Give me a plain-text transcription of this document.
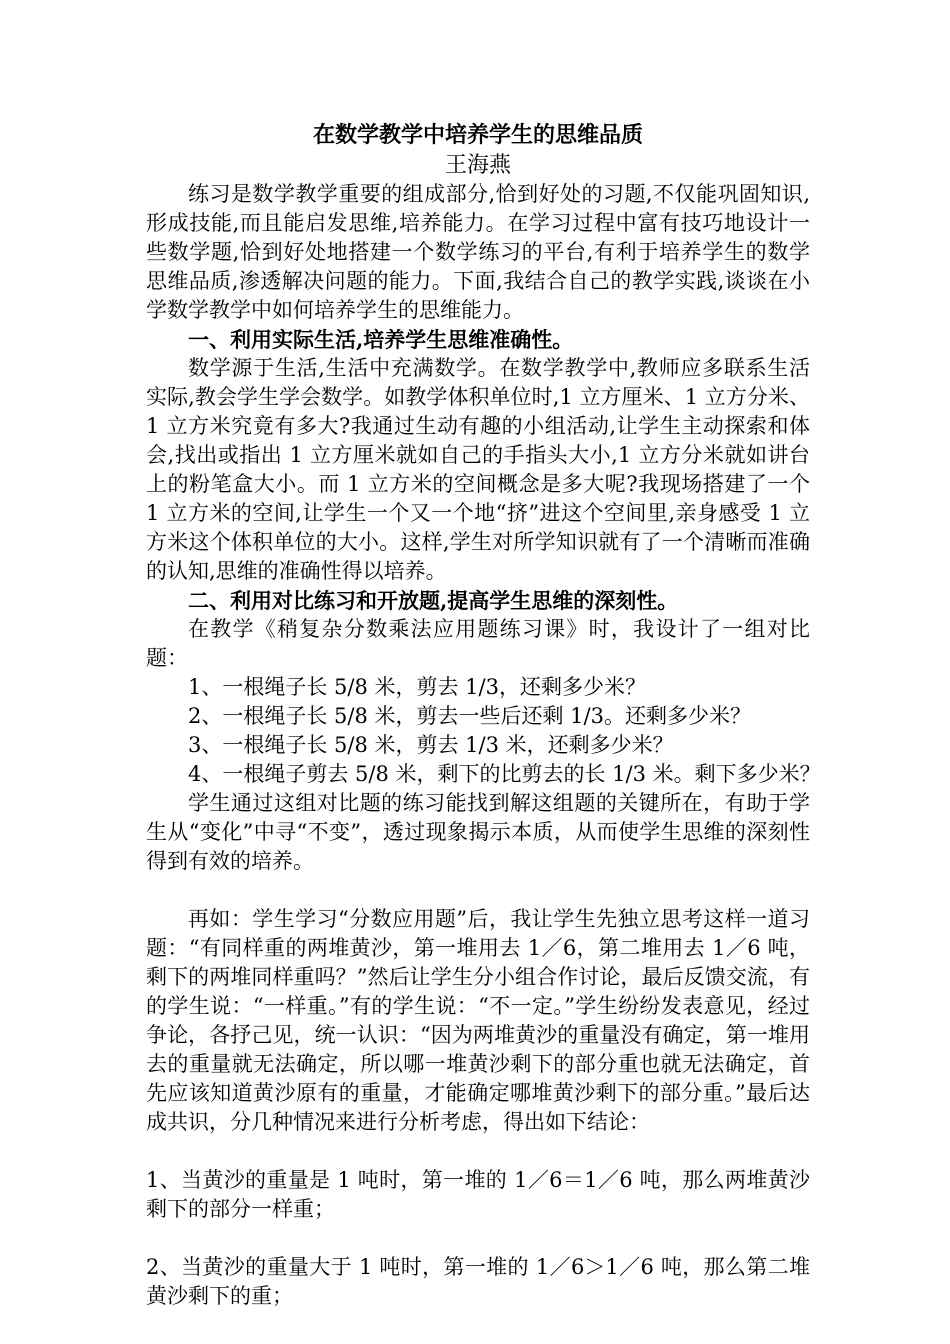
在数学教学中培养学生的思维品质
王海燕

练习是数学教学重要的组成部分,恰到好处的习题,不仅能巩固知识,形成技能,而且能启发思维,培养能力。在学习过程中富有技巧地设计一些数学题,恰到好处地搭建一个数学练习的平台,有利于培养学生的数学思维品质,渗透解决问题的能力。下面,我结合自己的教学实践,谈谈在小学数学教学中如何培养学生的思维能力。

一、利用实际生活,培养学生思维准确性。

数学源于生活,生活中充满数学。在数学教学中,教师应多联系生活实际,教会学生学会数学。如教学体积单位时,1 立方厘米、1 立方分米、1 立方米究竟有多大?我通过生动有趣的小组活动,让学生主动探索和体会,找出或指出 1 立方厘米就如自己的手指头大小,1 立方分米就如讲台上的粉笔盒大小。而 1 立方米的空间概念是多大呢?我现场搭建了一个 1 立方米的空间,让学生一个又一个地“挤”进这个空间里,亲身感受 1 立方米这个体积单位的大小。这样,学生对所学知识就有了一个清晰而准确的认知,思维的准确性得以培养。

二、利用对比练习和开放题,提高学生思维的深刻性。

在教学《稍复杂分数乘法应用题练习课》时，我设计了一组对比题：

1、一根绳子长 5/8 米，剪去 1/3，还剩多少米？

2、一根绳子长 5/8 米，剪去一些后还剩 1/3。还剩多少米？

3、一根绳子长 5/8 米，剪去 1/3 米，还剩多少米？

4、一根绳子剪去 5/8 米，剩下的比剪去的长 1/3 米。剩下多少米？

学生通过这组对比题的练习能找到解这组题的关键所在，有助于学生从“变化”中寻“不变”，透过现象揭示本质，从而使学生思维的深刻性得到有效的培养。

再如：学生学习“分数应用题”后，我让学生先独立思考这样一道习题：“有同样重的两堆黄沙，第一堆用去 1／6，第二堆用去 1／6 吨，剩下的两堆同样重吗？”然后让学生分小组合作讨论，最后反馈交流，有的学生说：“一样重。”有的学生说：“不一定。”学生纷纷发表意见，经过争论，各抒己见，统一认识：“因为两堆黄沙的重量没有确定，第一堆用去的重量就无法确定，所以哪一堆黄沙剩下的部分重也就无法确定，首先应该知道黄沙原有的重量，才能确定哪堆黄沙剩下的部分重。”最后达成共识，分几种情况来进行分析考虑，得出如下结论：

1、当黄沙的重量是 1 吨时，第一堆的 1／6＝1／6 吨，那么两堆黄沙剩下的部分一样重；

2、当黄沙的重量大于 1 吨时，第一堆的 1／6＞1／6 吨，那么第二堆黄沙剩下的重；
